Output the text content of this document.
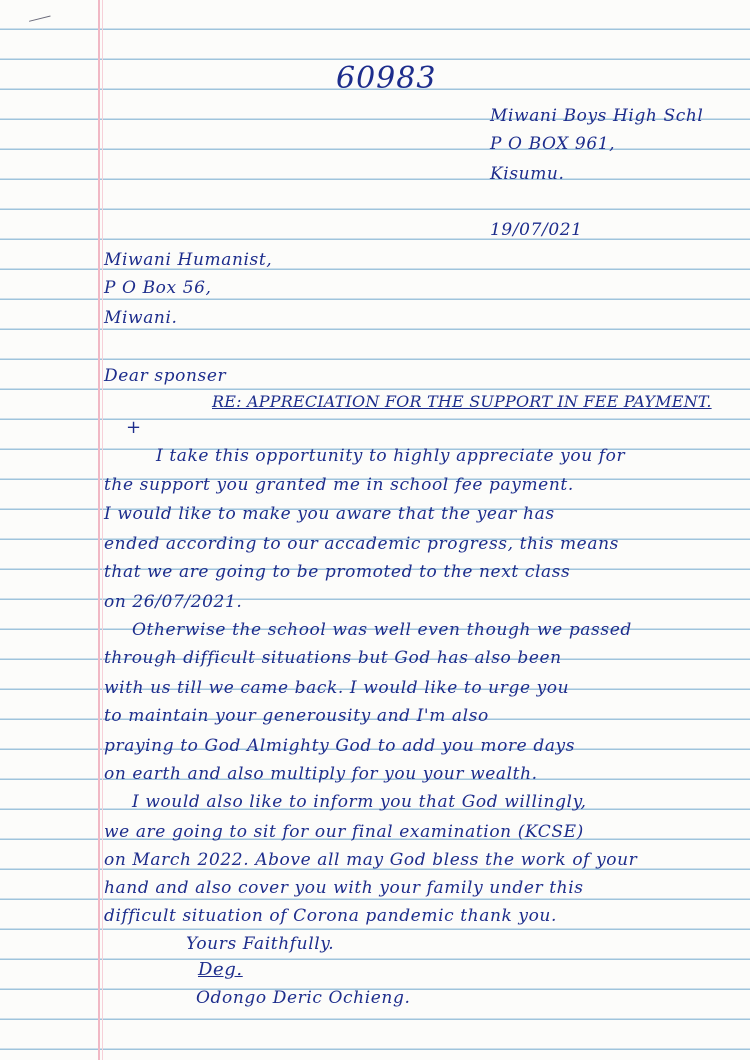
60983
Miwani Boys High Schl
P O BOX 961,
Kisumu.
19/07/021
Miwani Humanist,
P O Box 56,
Miwani.
Dear sponser
RE: APPRECIATION FOR THE SUPPORT IN FEE PAYMENT.
+
I take this opportunity to highly appreciate you for
the support you granted me in school fee payment.
I would like to make you aware that the year has
ended according to our accademic progress, this means
that we are going to be promoted to the next class
on 26/07/2021.
Otherwise the school was well even though we passed
through difficult situations but God has also been
with us till we came back. I would like to urge you
to maintain your generousity and I'm also
praying to God Almighty God to add you more days
on earth and also multiply for you your wealth.
I would also like to inform you that God willingly,
we are going to sit for our final examination (KCSE)
on March 2022. Above all may God bless the work of your
hand and also cover you with your family under this
difficult situation of Corona pandemic thank you.
Yours Faithfully.
Deg.
Odongo Deric Ochieng.
